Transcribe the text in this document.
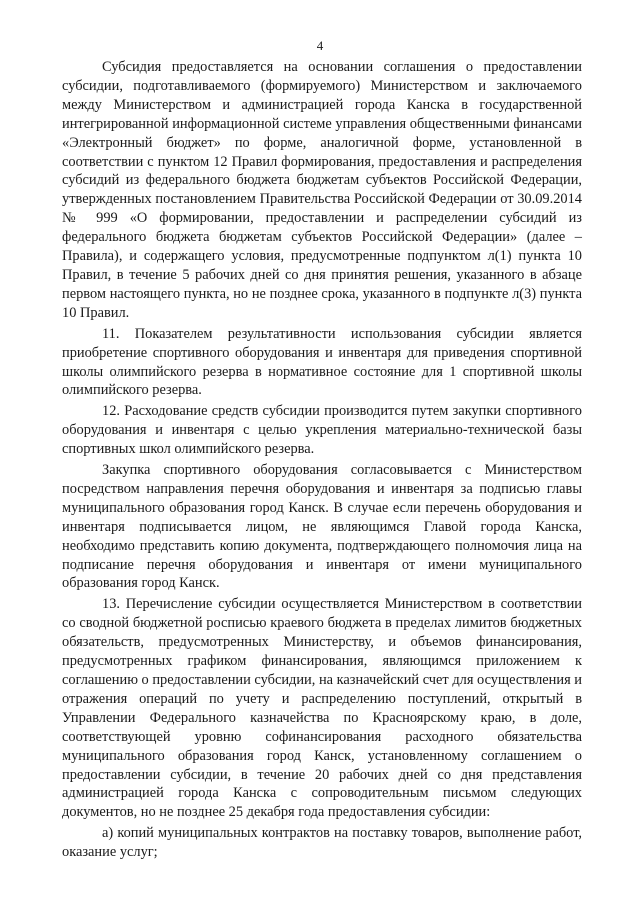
4

Субсидия предоставляется на основании соглашения о предоставлении субсидии, подготавливаемого (формируемого) Министерством и заключаемого между Министерством и администрацией города Канска в государственной интегрированной информационной системе управления общественными финансами «Электронный бюджет» по форме, аналогичной форме, установленной в соответствии с пунктом 12 Правил формирования, предоставления и распределения субсидий из федерального бюджета бюджетам субъектов Российской Федерации, утвержденных постановлением Правительства Российской Федерации от 30.09.2014 № 999 «О формировании, предоставлении и распределении субсидий из федерального бюджета бюджетам субъектов Российской Федерации» (далее – Правила), и содержащего условия, предусмотренные подпунктом л(1) пункта 10 Правил, в течение 5 рабочих дней со дня принятия решения, указанного в абзаце первом настоящего пункта, но не позднее срока, указанного в подпункте л(3) пункта 10 Правил.

11. Показателем результативности использования субсидии является приобретение спортивного оборудования и инвентаря для приведения спортивной школы олимпийского резерва в нормативное состояние для 1 спортивной школы олимпийского резерва.

12. Расходование средств субсидии производится путем закупки спортивного оборудования и инвентаря с целью укрепления материально-технической базы спортивных школ олимпийского резерва.

Закупка спортивного оборудования согласовывается с Министерством посредством направления перечня оборудования и инвентаря за подписью главы муниципального образования город Канск. В случае если перечень оборудования и инвентаря подписывается лицом, не являющимся Главой города Канска, необходимо представить копию документа, подтверждающего полномочия лица на подписание перечня оборудования и инвентаря от имени муниципального образования город Канск.

13. Перечисление субсидии осуществляется Министерством в соответствии со сводной бюджетной росписью краевого бюджета в пределах лимитов бюджетных обязательств, предусмотренных Министерству, и объемов финансирования, предусмотренных графиком финансирования, являющимся приложением к соглашению о предоставлении субсидии, на казначейский счет для осуществления и отражения операций по учету и распределению поступлений, открытый в Управлении Федерального казначейства по Красноярскому краю, в доле, соответствующей уровню софинансирования расходного обязательства муниципального образования город Канск, установленному соглашением о предоставлении субсидии, в течение 20 рабочих дней со дня представления администрацией города Канска с сопроводительным письмом следующих документов, но не позднее 25 декабря года предоставления субсидии:

а) копий муниципальных контрактов на поставку товаров, выполнение работ, оказание услуг;
